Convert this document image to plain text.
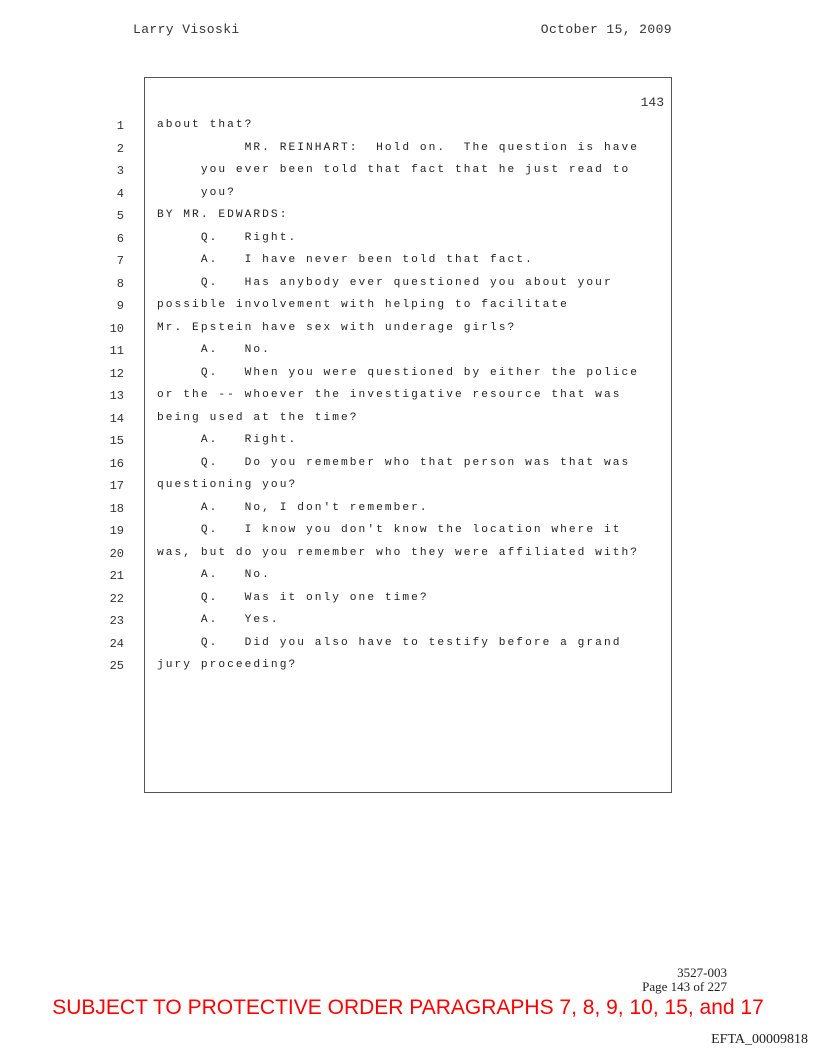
Larry Visoski	October 15, 2009
143
1	about that?
2	MR. REINHART:  Hold on.  The question is have
3	you ever been told that fact that he just read to
4	you?
5	BY MR. EDWARDS:
6	Q.   Right.
7	A.   I have never been told that fact.
8	Q.   Has anybody ever questioned you about your
9	possible involvement with helping to facilitate
10	Mr. Epstein have sex with underage girls?
11	A.   No.
12	Q.   When you were questioned by either the police
13	or the -- whoever the investigative resource that was
14	being used at the time?
15	A.   Right.
16	Q.   Do you remember who that person was that was
17	questioning you?
18	A.   No, I don't remember.
19	Q.   I know you don't know the location where it
20	was, but do you remember who they were affiliated with?
21	A.   No.
22	Q.   Was it only one time?
23	A.   Yes.
24	Q.   Did you also have to testify before a grand
25	jury proceeding?
3527-003
Page 143 of 227
SUBJECT TO PROTECTIVE ORDER PARAGRAPHS 7, 8, 9, 10, 15, and 17
EFTA_00009818
